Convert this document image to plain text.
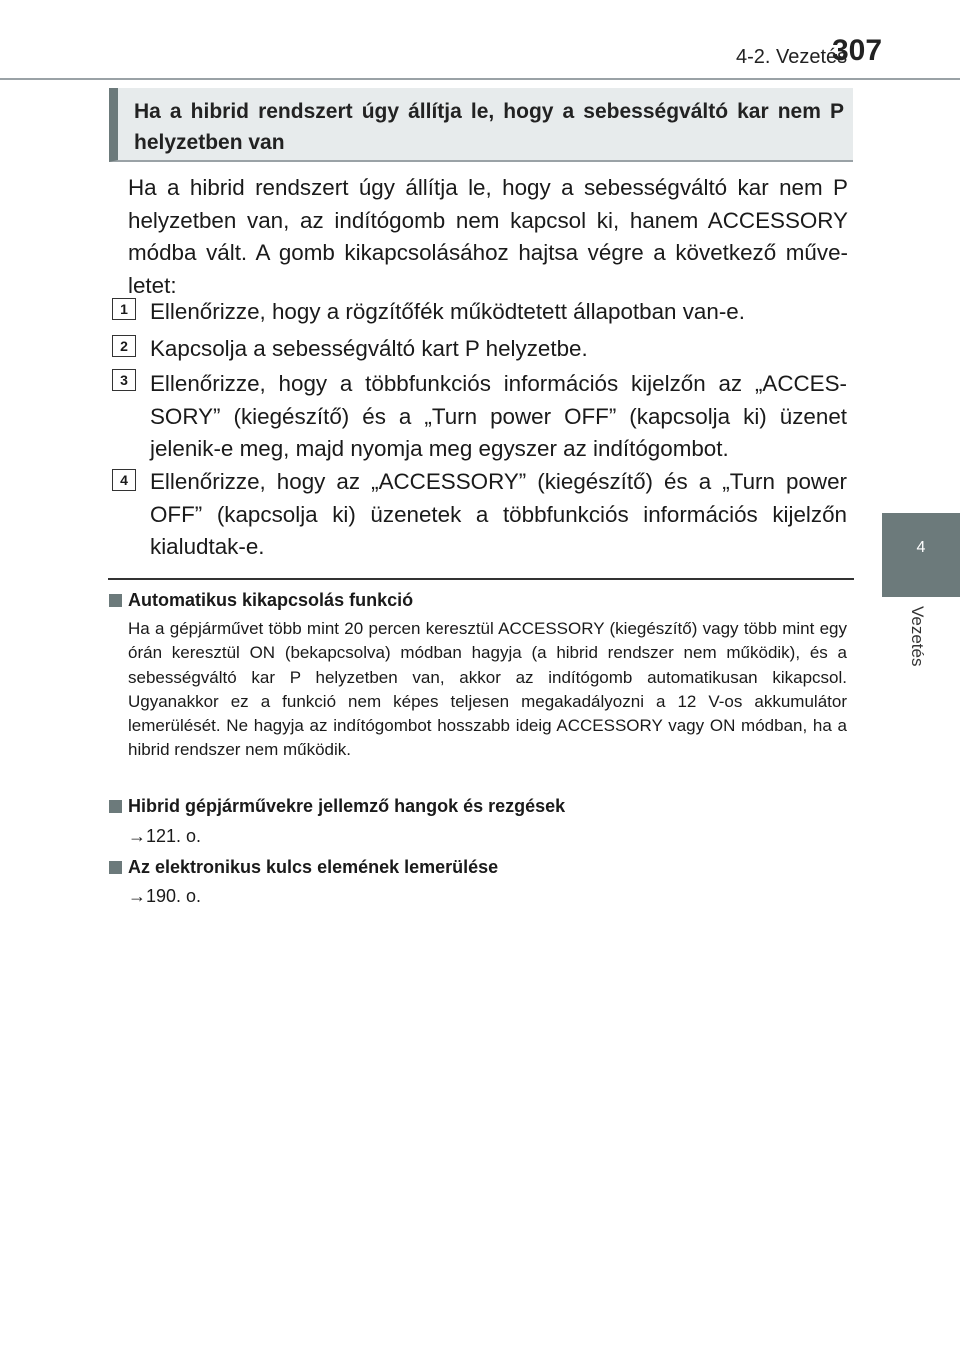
4-2. Vezetés
307
4
Vezetés
Ha a hibrid rendszert úgy állítja le, hogy a sebességváltó kar nem P helyzetben van

Ha a hibrid rendszert úgy állítja le, hogy a sebességváltó kar nem P helyzetben van, az indítógomb nem kapcsol ki, hanem ACCESSORY módba vált. A gomb kikapcsolásához hajtsa végre a következő műve-letet:

1 Ellenőrizze, hogy a rögzítőfék működtetett állapotban van-e.

2 Kapcsolja a sebességváltó kart P helyzetbe.

3 Ellenőrizze, hogy a többfunkciós információs kijelzőn az „ACCES-SORY” (kiegészítő) és a „Turn power OFF” (kapcsolja ki) üzenet jelenik-e meg, majd nyomja meg egyszer az indítógombot.

4 Ellenőrizze, hogy az „ACCESSORY” (kiegészítő) és a „Turn power OFF” (kapcsolja ki) üzenetek a többfunkciós információs kijelzőn kialudtak-e.

Automatikus kikapcsolás funkció

Ha a gépjárművet több mint 20 percen keresztül ACCESSORY (kiegészítő) vagy több mint egy órán keresztül ON (bekapcsolva) módban hagyja (a hibrid rendszer nem működik), és a sebességváltó kar P helyzetben van, akkor az indítógomb automatikusan kikapcsol. Ugyanakkor ez a funkció nem képes teljesen megakadályozni a 12 V-os akkumulátor lemerülését. Ne hagyja az indítógombot hosszabb ideig ACCESSORY vagy ON módban, ha a hibrid rendszer nem működik.

Hibrid gépjárművekre jellemző hangok és rezgések
→121. o.
Az elektronikus kulcs elemének lemerülése
→190. o.
